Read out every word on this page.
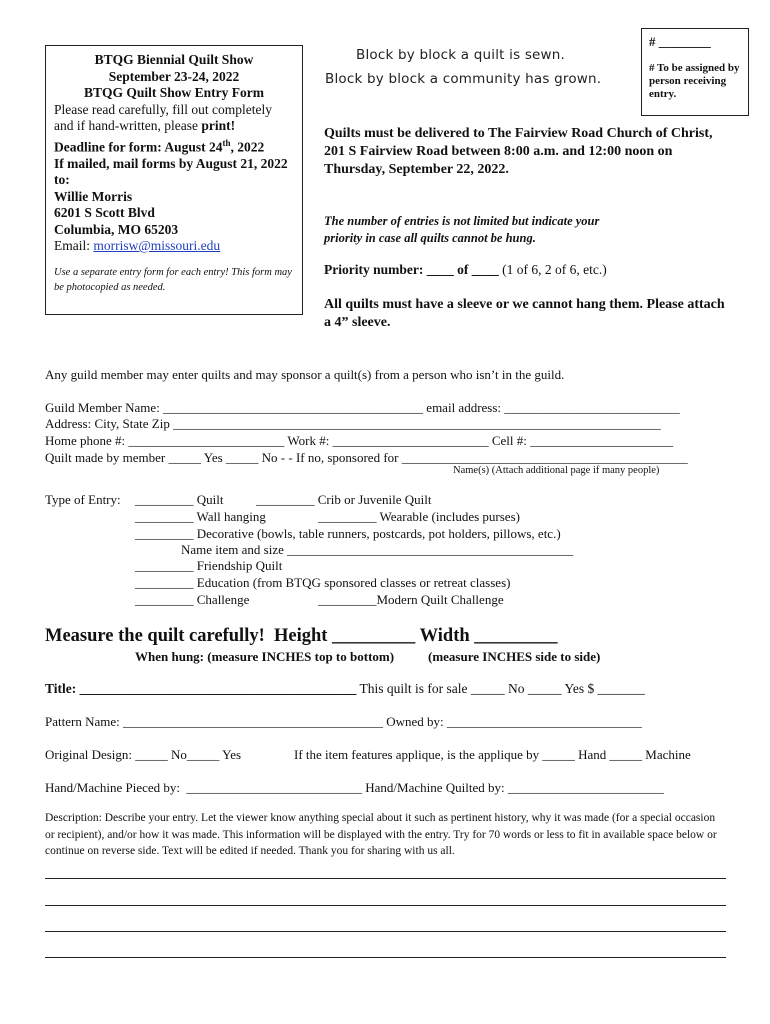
BTQG Biennial Quilt Show
September 23-24, 2022
BTQG Quilt Show Entry Form
Please read carefully, fill out completely and if hand-written, please print!
Deadline for form: August 24th, 2022
If mailed, mail forms by August 21, 2022 to:
Willie Morris
6201 S Scott Blvd
Columbia, MO 65203
Email: morrisw@missouri.edu
Use a separate entry form for each entry! This form may be photocopied as needed.
Block by block a quilt is sewn.
Block by block a community has grown.
# ________
# To be assigned by person receiving entry.
Quilts must be delivered to The Fairview Road Church of Christ, 201 S Fairview Road between 8:00 a.m. and 12:00 noon on Thursday, September 22, 2022.
The number of entries is not limited but indicate your priority in case all quilts cannot be hung.
Priority number: ____ of ____ (1 of 6, 2 of 6, etc.)
All quilts must have a sleeve or we cannot hang them. Please attach a 4” sleeve.
Any guild member may enter quilts and may sponsor a quilt(s) from a person who isn’t in the guild.
Guild Member Name: ________________________________________ email address: ___________________________
Address: City, State Zip ___________________________________________________________________________
Home phone #: ________________________ Work #: ________________________ Cell #: ______________________
Quilt made by member _____ Yes _____ No - - If no, sponsored for ____________________________________________
Name(s) (Attach additional page if many people)
Type of Entry: _________ Quilt	_________ Crib or Juvenile Quilt
_________ Wall hanging	_________ Wearable (includes purses)
_________ Decorative (bowls, table runners, postcards, pot holders, pillows, etc.)
Name item and size ____________________________________________
_________ Friendship Quilt
_________ Education (from BTQG sponsored classes or retreat classes)
_________ Challenge	_________Modern Quilt Challenge
Measure the quilt carefully!  Height _________ Width _________
When hung: (measure INCHES top to bottom)	(measure INCHES side to side)
Title: _________________________________________ This quilt is for sale _____ No _____ Yes $ _______
Pattern Name: ________________________________________ Owned by: ______________________________
Original Design: _____ No_____ Yes	If the item features applique, is the applique by _____ Hand _____ Machine
Hand/Machine Pieced by:  ___________________________ Hand/Machine Quilted by: ________________________
Description: Describe your entry. Let the viewer know anything special about it such as pertinent history, why it was made (for a special occasion or recipient), and/or how it was made. This information will be displayed with the entry. Try for 70 words or less to fit in available space below or continue on reverse side. Text will be edited if needed. Thank you for sharing with us all.
